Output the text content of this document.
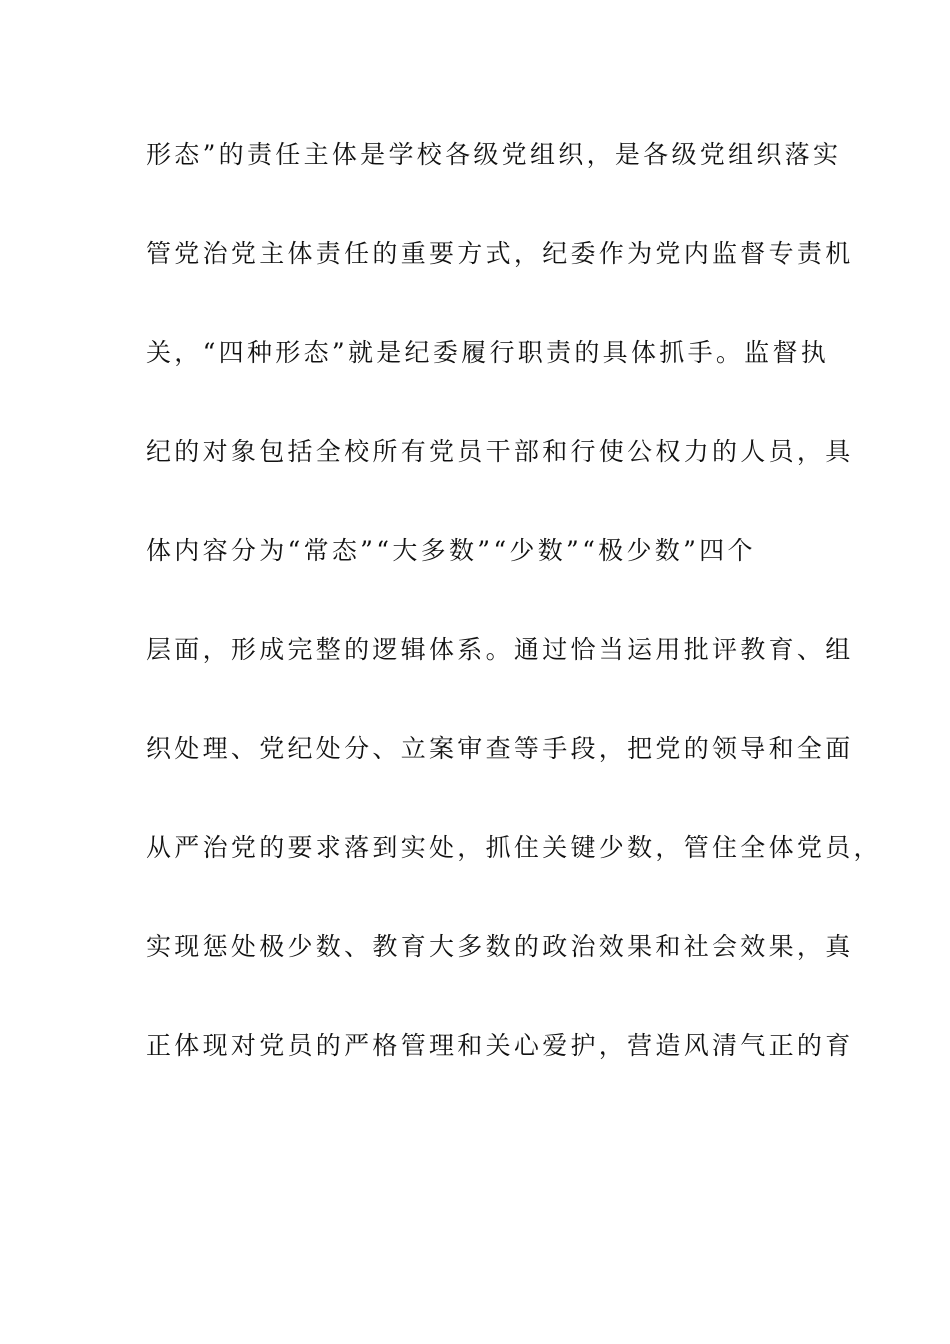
形态”的责任主体是学校各级党组织，是各级党组织落实
管党治党主体责任的重要方式，纪委作为党内监督专责机
关，“四种形态”就是纪委履行职责的具体抓手。监督执
纪的对象包括全校所有党员干部和行使公权力的人员，具
体内容分为“常态”“大多数”“少数”“极少数”四个
层面，形成完整的逻辑体系。通过恰当运用批评教育、组
织处理、党纪处分、立案审查等手段，把党的领导和全面
从严治党的要求落到实处，抓住关键少数，管住全体党员，
实现惩处极少数、教育大多数的政治效果和社会效果，真
正体现对党员的严格管理和关心爱护，营造风清气正的育
